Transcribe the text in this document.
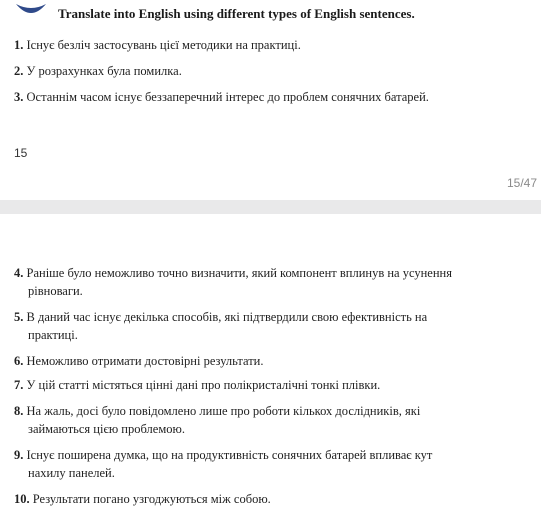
Translate into English using different types of English sentences.
1. Існує безліч застосувань цієї методики на практиці.
2. У розрахунках була помилка.
3. Останнім часом існує беззаперечний інтерес до проблем сонячних батарей.
15
15/47
4. Раніше було неможливо точно визначити, який компонент вплинув на усунення
рівноваги.
5. В даний час існує декілька способів, які підтвердили свою ефективність на
практиці.
6. Неможливо отримати достовірні результати.
7. У цій статті містяться цінні дані про полікристалічні тонкі плівки.
8. На жаль, досі було повідомлено лише про роботи кількох дослідників, які
займаються цією проблемою.
9. Існує поширена думка, що на продуктивність сонячних батарей впливає кут
нахилу панелей.
10. Результати погано узгоджуються між собою.
